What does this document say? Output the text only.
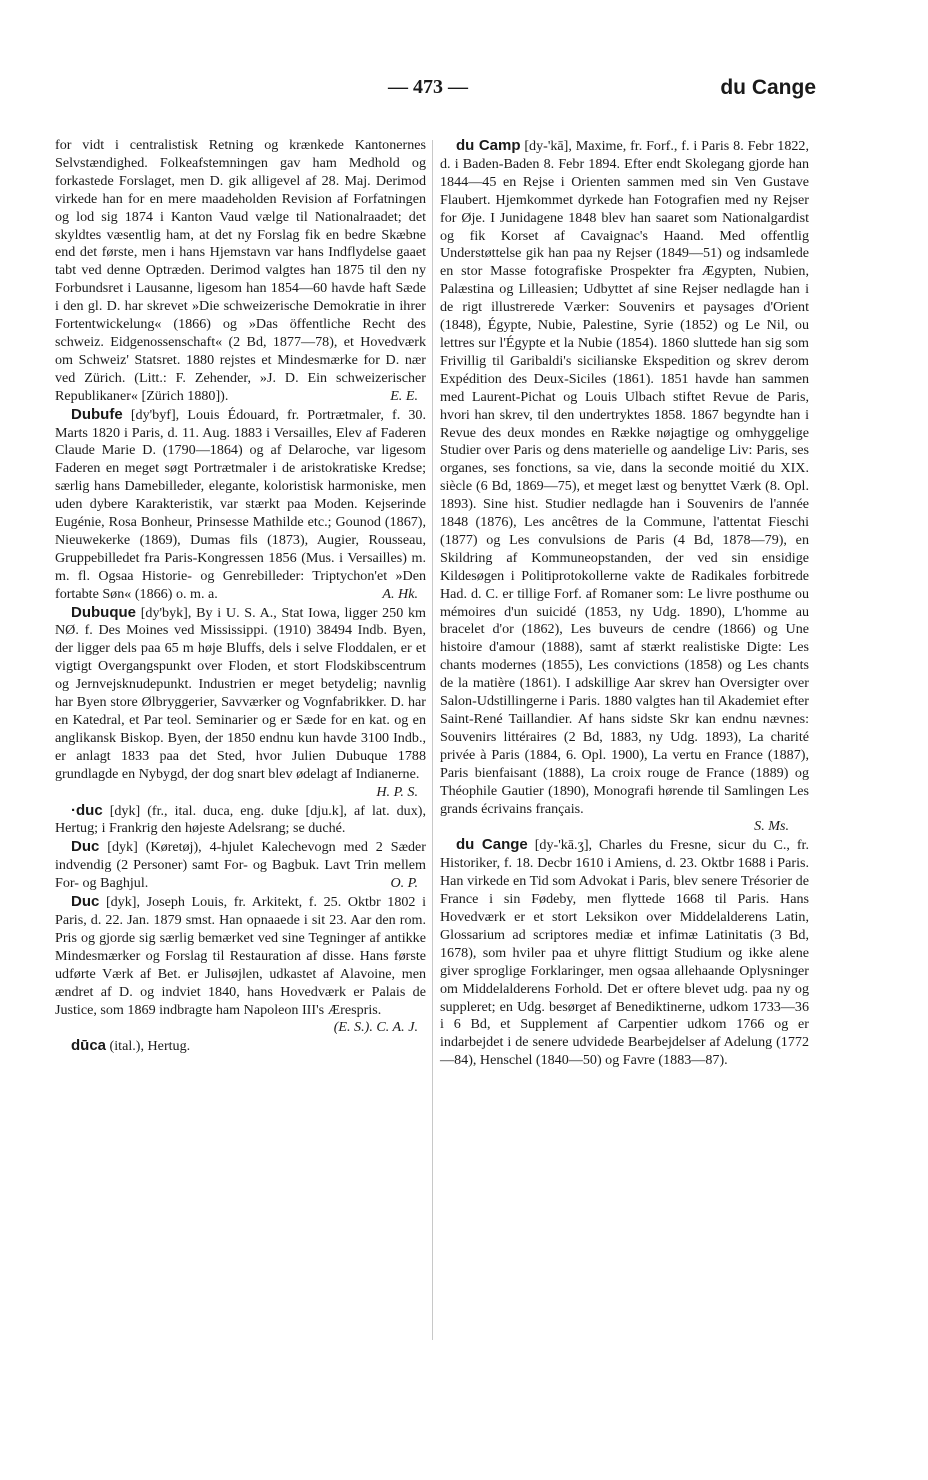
— 473 —	du Cange

for vidt i centralistisk Retning og krænkede Kantonernes Selvstændighed. Folkeafstemningen gav ham Medhold og forkastede Forslaget, men D. gik alligevel af 28. Maj. Derimod virkede han for en mere maadeholden Revision af Forfatningen og lod sig 1874 i Kanton Vaud vælge til Nationalraadet; det skyldtes væsentlig ham, at det ny Forslag fik en bedre Skæbne end det første, men i hans Hjemstavn var hans Indflydelse gaaet tabt ved denne Optræden. Derimod valgtes han 1875 til den ny Forbundsret i Lausanne, ligesom han 1854—60 havde haft Sæde i den gl. D. har skrevet »Die schweizerische Demokratie in ihrer Fortentwickelung« (1866) og »Das öffentliche Recht des schweiz. Eidgenossenschaft« (2 Bd, 1877—78), et Hovedværk om Schweiz' Statsret. 1880 rejstes et Mindesmærke for D. nær ved Zürich. (Litt.: F. Zehender, »J. D. Ein schweizerischer Republikaner« [Zürich 1880]).	E. E.

Dubufe [dy'byf], Louis Édouard, fr. Portrætmaler, f. 30. Marts 1820 i Paris, d. 11. Aug. 1883 i Versailles, Elev af Faderen Claude Marie D. (1790—1864) og af Delaroche, var ligesom Faderen en meget søgt Portrætmaler i de aristokratiske Kredse; særlig hans Damebilleder, elegante, koloristisk harmoniske, men uden dybere Karakteristik, var stærkt paa Moden. Kejserinde Eugénie, Rosa Bonheur, Prinsesse Mathilde etc.; Gounod (1867), Nieuwekerke (1869), Dumas fils (1873), Augier, Rousseau, Gruppebilledet fra Paris-Kongressen 1856 (Mus. i Versailles) m. m. fl. Ogsaa Historie- og Genrebilleder: Triptychon'et »Den fortabte Søn« (1866) o. m. a.	A. Hk.

Dubuque [dy'byk], By i U. S. A., Stat Iowa, ligger 250 km NØ. f. Des Moines ved Mississippi. (1910) 38494 Indb. Byen, der ligger dels paa 65 m høje Bluffs, dels i selve Floddalen, er et vigtigt Overgangspunkt over Floden, et stort Flodskibscentrum og Jernvejsknudepunkt. Industrien er meget betydelig; navnlig har Byen store Ølbryggerier, Savværker og Vognfabrikker. D. har en Katedral, et Par teol. Seminarier og er Sæde for en kat. og en anglikansk Biskop. Byen, der 1850 endnu kun havde 3100 Indb., er anlagt 1833 paa det Sted, hvor Julien Dubuque 1788 grundlagde en Nybygd, der dog snart blev ødelagt af Indianerne.
H. P. S.

·duc [dyk] (fr., ital. duca, eng. duke [dju.k], af lat. dux), Hertug; i Frankrig den højeste Adelsrang; se duché.

Duc [dyk] (Køretøj), 4-hjulet Kalechevogn med 2 Sæder indvendig (2 Personer) samt For- og Bagbuk. Lavt Trin mellem For- og Baghjul.	O. P.

Duc [dyk], Joseph Louis, fr. Arkitekt, f. 25. Oktbr 1802 i Paris, d. 22. Jan. 1879 smst. Han opnaaede i sit 23. Aar den rom. Pris og gjorde sig særlig bemærket ved sine Tegninger af antikke Mindesmærker og Forslag til Restauration af disse. Hans første udførte Værk af Bet. er Julisøjlen, udkastet af Alavoine, men ændret af D. og indviet 1840, hans Hovedværk er Palais de Justice, som 1869 indbragte ham Napoleon III's Ærespris.
(E. S.). C. A. J.

dūca (ital.), Hertug.

du Camp [dy-'kā], Maxime, fr. Forf., f. i Paris 8. Febr 1822, d. i Baden-Baden 8. Febr 1894. Efter endt Skolegang gjorde han 1844—45 en Rejse i Orienten sammen med sin Ven Gustave Flaubert. Hjemkommet dyrkede han Fotografien med ny Rejser for Øje. I Junidagene 1848 blev han saaret som Nationalgardist og fik Korset af Cavaignac's Haand. Med offentlig Understøttelse gik han paa ny Rejser (1849—51) og indsamlede en stor Masse fotografiske Prospekter fra Ægypten, Nubien, Palæstina og Lilleasien; Udbyttet af sine Rejser nedlagde han i de rigt illustrerede Værker: Souvenirs et paysages d'Orient (1848), Égypte, Nubie, Palestine, Syrie (1852) og Le Nil, ou lettres sur l'Égypte et la Nubie (1854). 1860 sluttede han sig som Frivillig til Garibaldi's sicilianske Ekspedition og skrev derom Expédition des Deux-Siciles (1861). 1851 havde han sammen med Laurent-Pichat og Louis Ulbach stiftet Revue de Paris, hvori han skrev, til den undertryktes 1858. 1867 begyndte han i Revue des deux mondes en Række nøjagtige og omhyggelige Studier over Paris og dens materielle og aandelige Liv: Paris, ses organes, ses fonctions, sa vie, dans la seconde moitié du XIX. siècle (6 Bd, 1869—75), et meget læst og benyttet Værk (8. Opl. 1893). Sine hist. Studier nedlagde han i Souvenirs de l'année 1848 (1876), Les ancêtres de la Commune, l'attentat Fieschi (1877) og Les convulsions de Paris (4 Bd, 1878—79), en Skildring af Kommuneopstanden, der ved sin ensidige Kildesøgen i Politiprotokollerne vakte de Radikales forbitrede Had. d. C. er tillige Forf. af Romaner som: Le livre posthume ou mémoires d'un suicidé (1853, ny Udg. 1890), L'homme au bracelet d'or (1862), Les buveurs de cendre (1866) og Une histoire d'amour (1888), samt af stærkt realistiske Digte: Les chants modernes (1855), Les convictions (1858) og Les chants de la matière (1861). I adskillige Aar skrev han Oversigter over Salon-Udstillingerne i Paris. 1880 valgtes han til Akademiet efter Saint-René Taillandier. Af hans sidste Skr kan endnu nævnes: Souvenirs littéraires (2 Bd, 1883, ny Udg. 1893), La charité privée à Paris (1884, 6. Opl. 1900), La vertu en France (1887), Paris bienfaisant (1888), La croix rouge de France (1889) og Théophile Gautier (1890), Monografi hørende til Samlingen Les grands écrivains français.

S. Ms.

du Cange [dy-'kā.ʒ], Charles du Fresne, sicur du C., fr. Historiker, f. 18. Decbr 1610 i Amiens, d. 23. Oktbr 1688 i Paris. Han virkede en Tid som Advokat i Paris, blev senere Trésorier de France i sin Fødeby, men flyttede 1668 til Paris. Hans Hovedværk er et stort Leksikon over Middelalderens Latin, Glossarium ad scriptores mediæ et infimæ Latinitatis (3 Bd, 1678), som hviler paa et uhyre flittigt Studium og ikke alene giver sproglige Forklaringer, men ogsaa allehaande Oplysninger om Middelalderens Forhold. Det er oftere blevet udg. paa ny og suppleret; en Udg. besørget af Benediktinerne, udkom 1733—36 i 6 Bd, et Supplement af Carpentier udkom 1766 og er indarbejdet i de senere udvidede Bearbejdelser af Adelung (1772—84), Henschel (1840—50) og Favre (1883—87).
